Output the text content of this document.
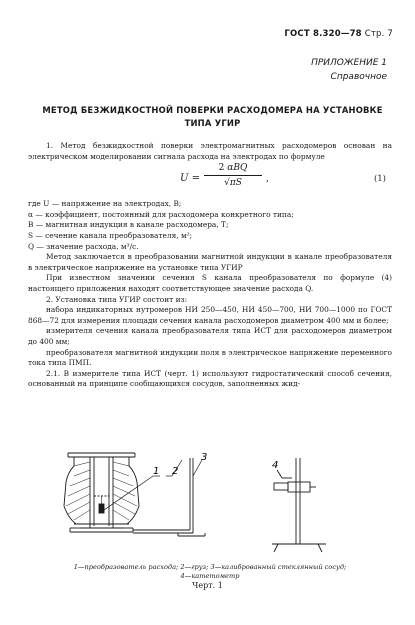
ГОСТ 8.320—78 Стр. 7
ПРИЛОЖЕНИЕ 1
Справочное
МЕТОД БЕЗЖИДКОСТНОЙ ПОВЕРКИ РАСХОДОМЕРА НА УСТАНОВКЕ
ТИПА УГИР

1. Метод безжидкостной поверки электромагнитных расходомеров основан на электрическом моделировании сигнала расхода на электродах по формуле

U =
2 αBQ
√πS	,	(1)

где U — напряжение на электродах, В;

α — коэффициент, постоянный для расходомера конкретного типа;

B — магнитная индукция в канале расходомера, Т;

S — сечение канала преобразователя, м²;

Q — значение расхода, м³/с.

Метод заключается в преобразовании магнитной индукции в канале преобразователя в электрическое напряжение на установке типа УГИР

При известном значении сечения S канала преобразователя по формуле (4) настоящего приложения находят соответствующее значение расхода Q.

2. Установка типа УГИР состоит из:

набора индикаторных нутромеров НИ 250—450, НИ 450—700, НИ 700—1000 по ГОСТ 868—72 для измерения площади сечения канала расходомеров диаметром 400 мм и более;

измерителя сечения канала преобразователя типа ИСТ для расходомеров диаметром до 400 мм;

преобразователя магнитной индукции поля в электрическое напряжение переменного тока типа ПМП.

2.1. В измерителе типа ИСТ (черт. 1) используют гидростатический способ сечения, основанный на принципе сообщающихся сосудов, заполненных жид-

1 2
3
4
1—преобразователь расхода; 2—груз; 3—калиброванный стеклянный сосуд;
4—катетометр
Черт. 1
